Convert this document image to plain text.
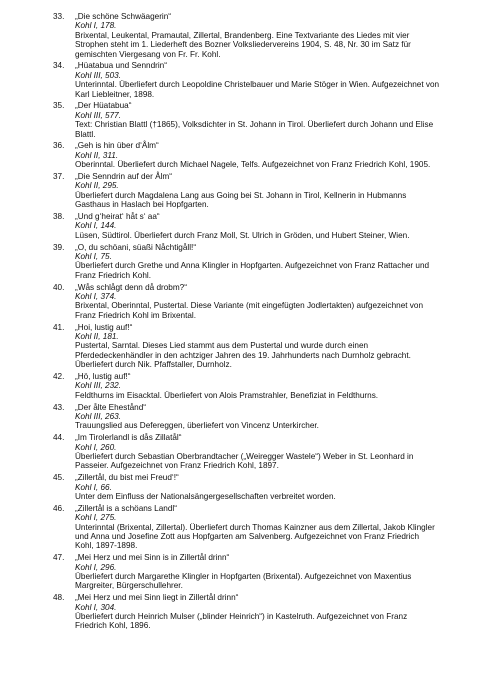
33.	„Die schöne Schwäagerin“
Kohl I, 178.
Brixental, Leukental, Pramautal, Zillertal, Brandenberg. Eine Textvariante des Liedes mit vier Strophen steht im 1. Liederheft des Bozner Volksliedervereins 1904, S. 48, Nr. 30 im Satz für gemischten Viergesang von Fr. Fr. Kohl.
34.	„Hüatabua und Senndrin“
Kohl III, 503.
Unterinntal. Überliefert durch Leopoldine Christelbauer und Marie Stöger in Wien. Aufgezeichnet von Karl Liebleitner, 1898.
35.	„Der Hüatabua“
Kohl III, 577.
Text: Christian Blattl (†1865), Volksdichter in St. Johann in Tirol. Überliefert durch Johann und Elise Blattl.
36.	„Geh is hin über d‘Ålm“
Kohl II, 311.
Oberinntal. Überliefert durch Michael Nagele, Telfs. Aufgezeichnet von Franz Friedrich Kohl, 1905.
37.	„Die Senndrin auf der Ålm“
Kohl II, 295.
Überliefert durch Magdalena Lang aus Going bei St. Johann in Tirol, Kellnerin in Hubmanns Gasthaus in Haslach bei Hopfgarten.
38.	„Und g‘heirat‘ håt s‘ aa“
Kohl I, 144.
Lüsen, Südtirol. Überliefert durch Franz Moll, St. Ulrich in Gröden, und Hubert Steiner, Wien.
39.	„O, du schöani, süaßi Nåchtigåll!“
Kohl I, 75.
Überliefert durch Grethe und Anna Klingler in Hopfgarten. Aufgezeichnet von Franz Rattacher und Franz Friedrich Kohl.
40.	„Wås schlågt denn då drobm?“
Kohl I, 374.
Brixental, Oberinntal, Pustertal. Diese Variante (mit eingefügten Jodlertakten) aufgezeichnet von Franz Friedrich Kohl im Brixental.
41.	„Hoi, lustig auf!“
Kohl II, 181.
Pustertal, Sarntal. Dieses Lied stammt aus dem Pustertal und wurde durch einen Pferdedeckenhändler in den achtziger Jahren des 19. Jahrhunderts nach Durnholz gebracht. Überliefert durch Nik. Pfaffstaller, Durnholz.
42.	„Hö, lustig auf!“
Kohl III, 232.
Feldthurns im Eisacktal. Überliefert von Alois Pramstrahler, Benefiziat in Feldthurns.
43.	„Der ålte Ehestånd“
Kohl III, 263.
Trauungslied aus Defereggen, überliefert von Vincenz Unterkircher.
44.	„Im Tirolerlandl is dås Zillatål“
Kohl I, 260.
Überliefert durch Sebastian Oberbrandtacher („Weiregger Wastele“) Weber in St. Leonhard in Passeier. Aufgezeichnet von Franz Friedrich Kohl, 1897.
45.	„Zillertål, du bist mei Freud‘!“
Kohl I, 66.
Unter dem Einfluss der Nationalsängergesellschaften verbreitet worden.
46.	„Zillertål is a schöans Landl“
Kohl I, 275.
Unterinntal (Brixental, Zillertal). Überliefert durch Thomas Kainzner aus dem Zillertal, Jakob Klingler und Anna und Josefine Zott aus Hopfgarten am Salvenberg. Aufgezeichnet von Franz Friedrich Kohl, 1897-1898.
47.	„Mei Herz und mei Sinn is in Zillertål drinn“
Kohl I, 296.
Überliefert durch Margarethe Klingler in Hopfgarten (Brixental). Aufgezeichnet von Maxentius Margreiter, Bürgerschullehrer.
48.	„Mei Herz und mei Sinn liegt in Zillertål drinn“
Kohl I, 304.
Überliefert durch Heinrich Mulser („blinder Heinrich“) in Kastelruth. Aufgezeichnet von Franz Friedrich Kohl, 1896.
